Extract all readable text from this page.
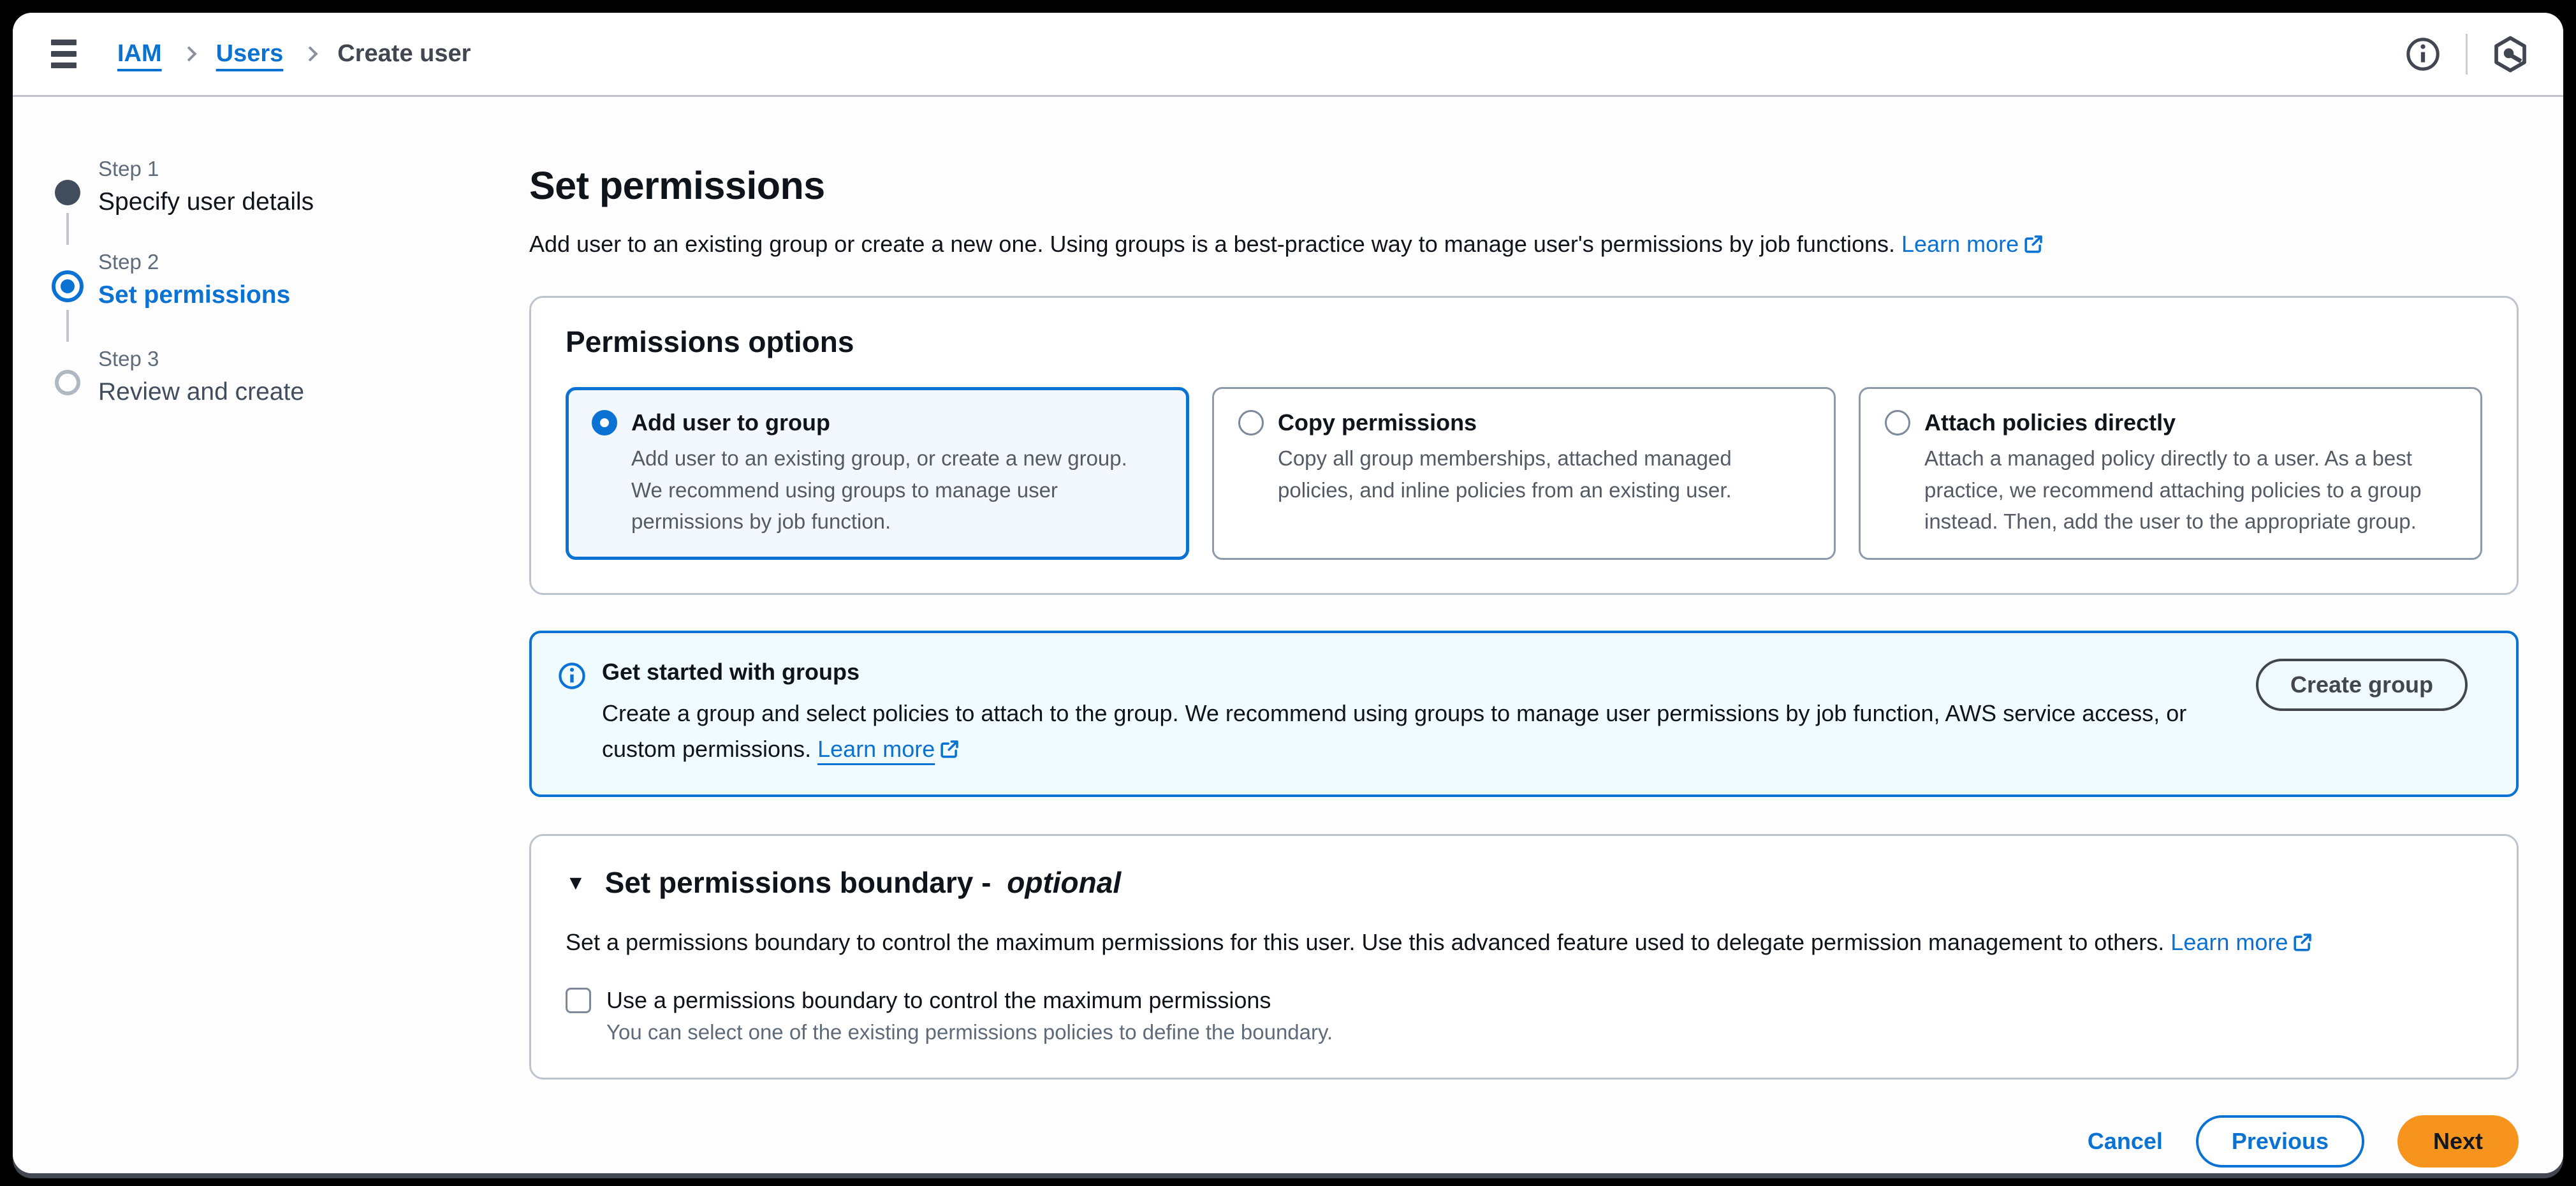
IAM Users Create user
Step 1
Specify user details
Step 2
Set permissions
Step 3
Review and create
Set permissions

Add user to an existing group or create a new one. Using groups is a best-practice way to manage user's permissions by job functions. Learn more

Permissions options
Add user to group

Add user to an existing group, or create a new group. We recommend using groups to manage user permissions by job function.

Copy permissions

Copy all group memberships, attached managed policies, and inline policies from an existing user.

Attach policies directly

Attach a managed policy directly to a user. As a best practice, we recommend attaching policies to a group instead. Then, add the user to the appropriate group.

Get started with groups

Create a group and select policies to attach to the group. We recommend using groups to manage user permissions by job function, AWS service access, or custom permissions. Learn more

Create group
▼ Set permissions boundary - optional

Set a permissions boundary to control the maximum permissions for this user. Use this advanced feature used to delegate permission management to others. Learn more

Use a permissions boundary to control the maximum permissions

You can select one of the existing permissions policies to define the boundary.

Cancel	Previous	Next
